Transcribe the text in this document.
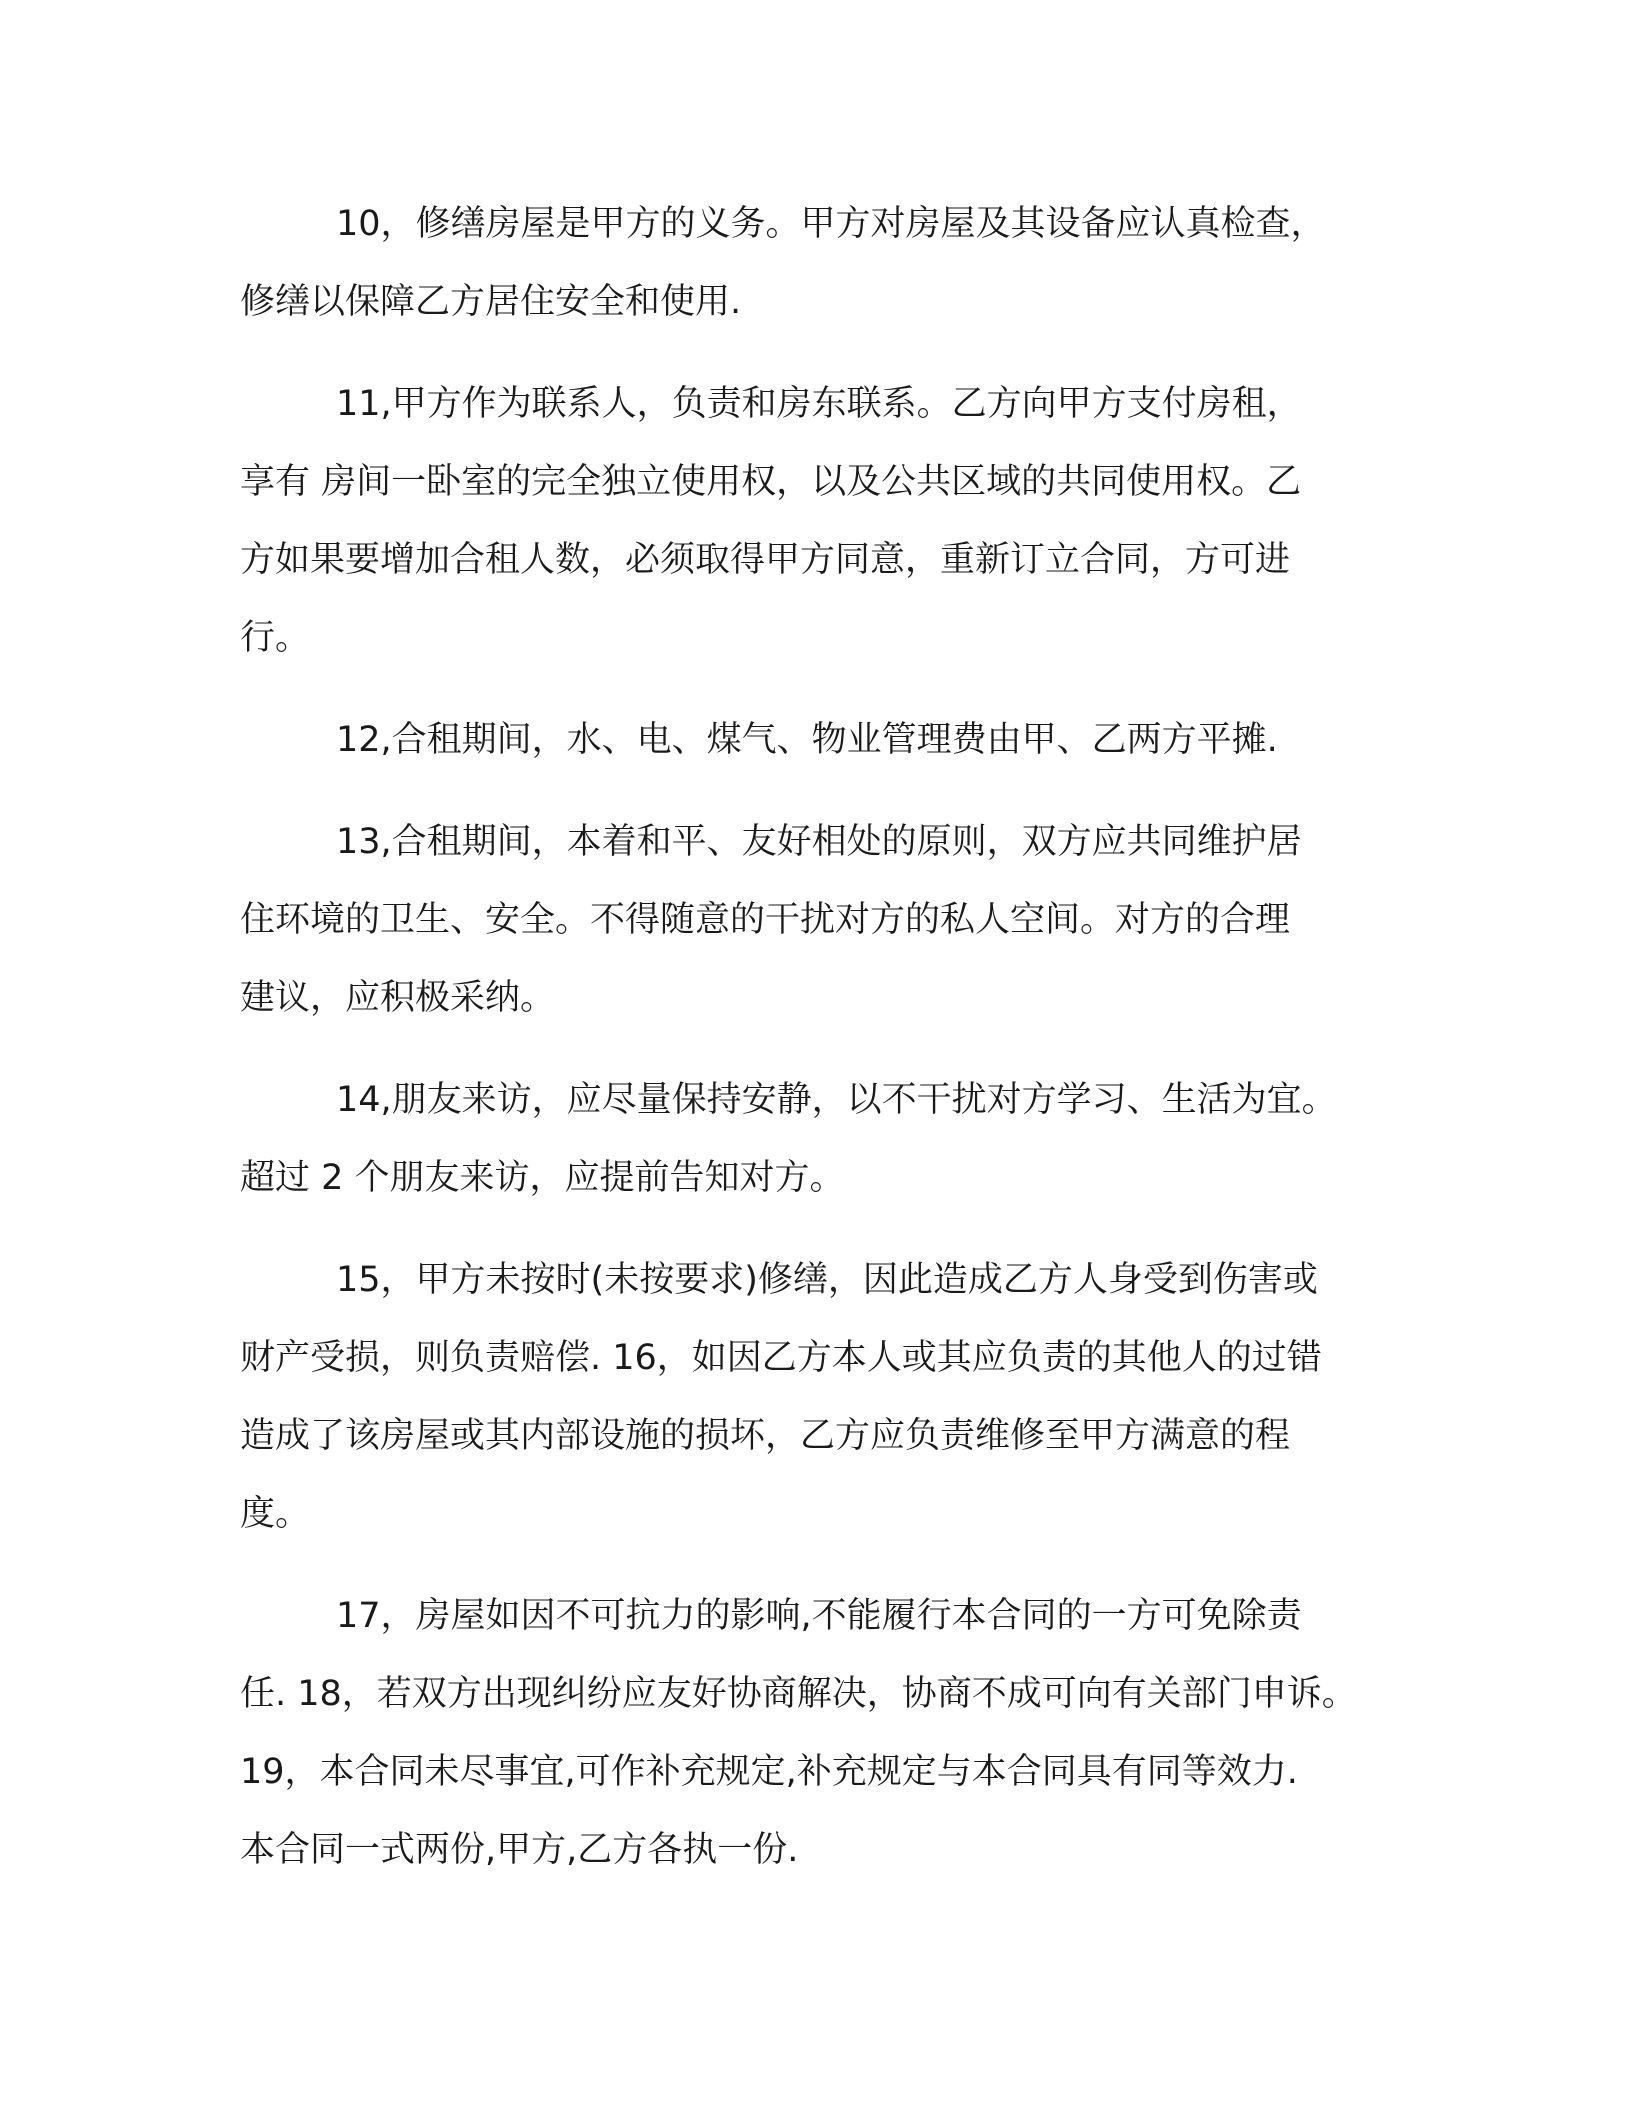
10，修缮房屋是甲方的义务。甲方对房屋及其设备应认真检查，
修缮以保障乙方居住安全和使用.
11,甲方作为联系人，负责和房东联系。乙方向甲方支付房租，
享有 房间一卧室的完全独立使用权，以及公共区域的共同使用权。乙
方如果要增加合租人数，必须取得甲方同意，重新订立合同，方可进
行。
12,合租期间，水、电、煤气、物业管理费由甲、乙两方平摊.
13,合租期间，本着和平、友好相处的原则，双方应共同维护居
住环境的卫生、安全。不得随意的干扰对方的私人空间。对方的合理
建议，应积极采纳。
14,朋友来访，应尽量保持安静，以不干扰对方学习、生活为宜。
超过 2 个朋友来访，应提前告知对方。
15，甲方未按时(未按要求)修缮，因此造成乙方人身受到伤害或
财产受损，则负责赔偿. 16，如因乙方本人或其应负责的其他人的过错
造成了该房屋或其内部设施的损坏，乙方应负责维修至甲方满意的程
度。
17，房屋如因不可抗力的影响,不能履行本合同的一方可免除责
任. 18，若双方出现纠纷应友好协商解决，协商不成可向有关部门申诉。
19，本合同未尽事宜,可作补充规定,补充规定与本合同具有同等效力.
本合同一式两份,甲方,乙方各执一份.
